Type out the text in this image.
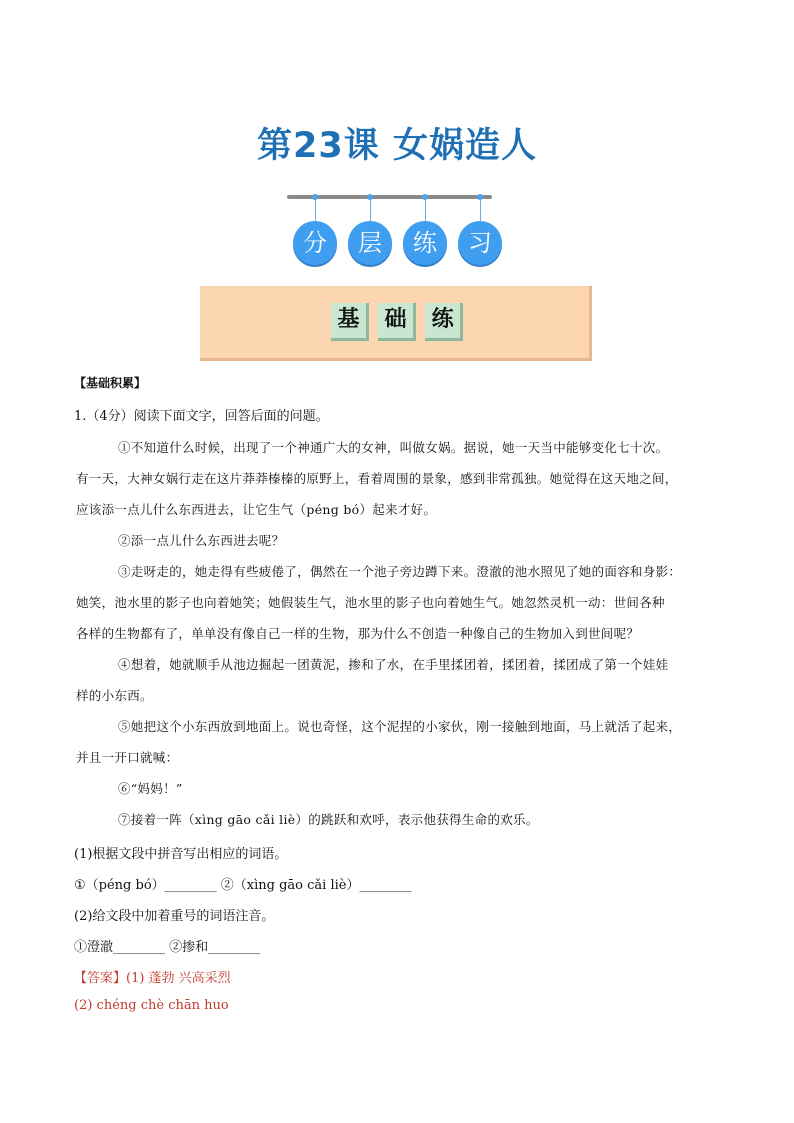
第23课 女娲造人
分	层	练	习
基 础 练
【基础积累】
1.（4分）阅读下面文字，回答后面的问题。
①不知道什么时候，出现了一个神通广大的女神，叫做女娲。据说，她一天当中能够变化七十次。
有一天，大神女娲行走在这片莽莽榛榛的原野上，看着周围的景象，感到非常孤独。她觉得在这天地之间，
应该添一点儿什么东西进去，让它生气（péng bó）起来才好。
②添一点儿什么东西进去呢？
③走呀走的，她走得有些疲倦了，偶然在一个池子旁边蹲下来。澄澈的池水照见了她的面容和身影：
她笑，池水里的影子也向着她笑；她假装生气，池水里的影子也向着她生气。她忽然灵机一动：世间各种
各样的生物都有了，单单没有像自己一样的生物，那为什么不创造一种像自己的生物加入到世间呢？
④想着，她就顺手从池边掘起一团黄泥，掺和了水，在手里揉团着，揉团着，揉团成了第一个娃娃
样的小东西。
⑤她把这个小东西放到地面上。说也奇怪，这个泥捏的小家伙，刚一接触到地面，马上就活了起来，
并且一开口就喊：
⑥“妈妈！”
⑦接着一阵（xìng gāo cǎi liè）的跳跃和欢呼，表示他获得生命的欢乐。
(1)根据文段中拼音写出相应的词语。
①（péng bó）________ ②（xìng gāo cǎi liè）________
(2)给文段中加着重号的词语注音。
①澄澈________ ②掺和________
【答案】(1) 蓬勃 兴高采烈
(2) chéng chè chān huo
